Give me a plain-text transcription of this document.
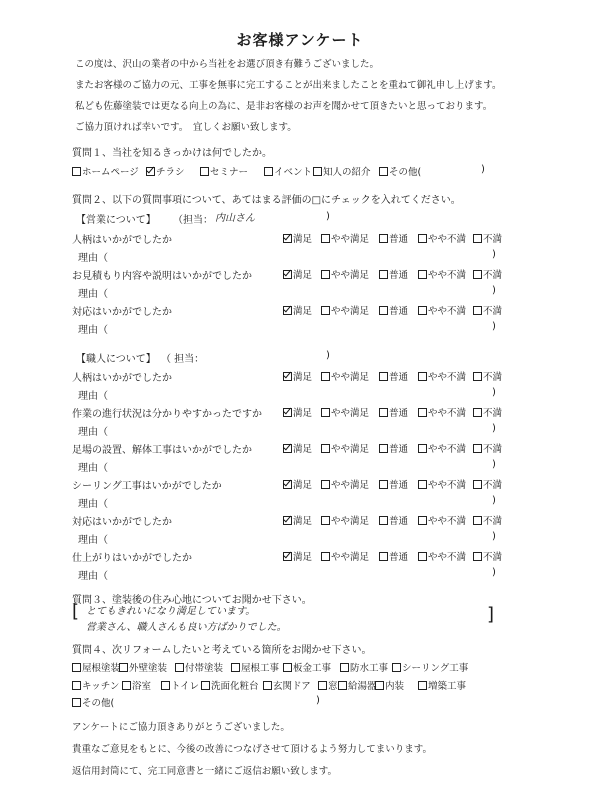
お客様アンケート
この度は、沢山の業者の中から当社をお選び頂き有難うございました。
またお客様のご協力の元、工事を無事に完工することが出来ましたことを重ねて御礼申し上げます。
私ども佐藤塗装では更なる向上の為に、是非お客様のお声を聞かせて頂きたいと思っております。
ご協力頂ければ幸いです。　宜しくお願い致します。
質問１、当社を知るきっかけは何でしたか。
ホームページ	チラシ	セミナー	イベント	知人の紹介	その他(	)
質問２、以下の質問事項について、あてはまる評価の□にチェックを入れてください。
【営業について】 （担当： 内山さん	)
人柄はいかがでしたか	満足	やや満足	普通	やや不満	不満
理由（	)
お見積もり内容や説明はいかがでしたか	満足	やや満足	普通	やや不満	不満
理由（	)
対応はいかがでしたか	満足	やや満足	普通	やや不満	不満
理由（	)
【職人について】 （ 担当：	)
人柄はいかがでしたか	満足	やや満足	普通	やや不満	不満
理由（	)
作業の進行状況は分かりやすかったですか	満足	やや満足	普通	やや不満	不満
理由（	)
足場の設置、解体工事はいかがでしたか	満足	やや満足	普通	やや不満	不満
理由（	)
シーリング工事はいかがでしたか	満足	やや満足	普通	やや不満	不満
理由（	)
対応はいかがでしたか	満足	やや満足	普通	やや不満	不満
理由（	)
仕上がりはいかがでしたか	満足	やや満足	普通	やや不満	不満
理由（	)
質問３、塗装後の住み心地についてお聞かせ下さい。
[ とてもきれいになり満足しています。
営業さん、職人さんも良い方ばかりでした。
]
質問４、次リフォームしたいと考えている箇所をお聞かせ下さい。
屋根塗装 外壁塗装	付帯塗装	屋根工事	板金工事	防水工事	シーリング工事
キッチン	浴室	トイレ	洗面化粧台	玄関ドア	窓	給湯器 内装	増築工事
その他(	)
アンケートにご協力頂きありがとうございました。
貴重なご意見をもとに、今後の改善につなげさせて頂けるよう努力してまいります。
返信用封筒にて、完工同意書と一緒にご返信お願い致します。
